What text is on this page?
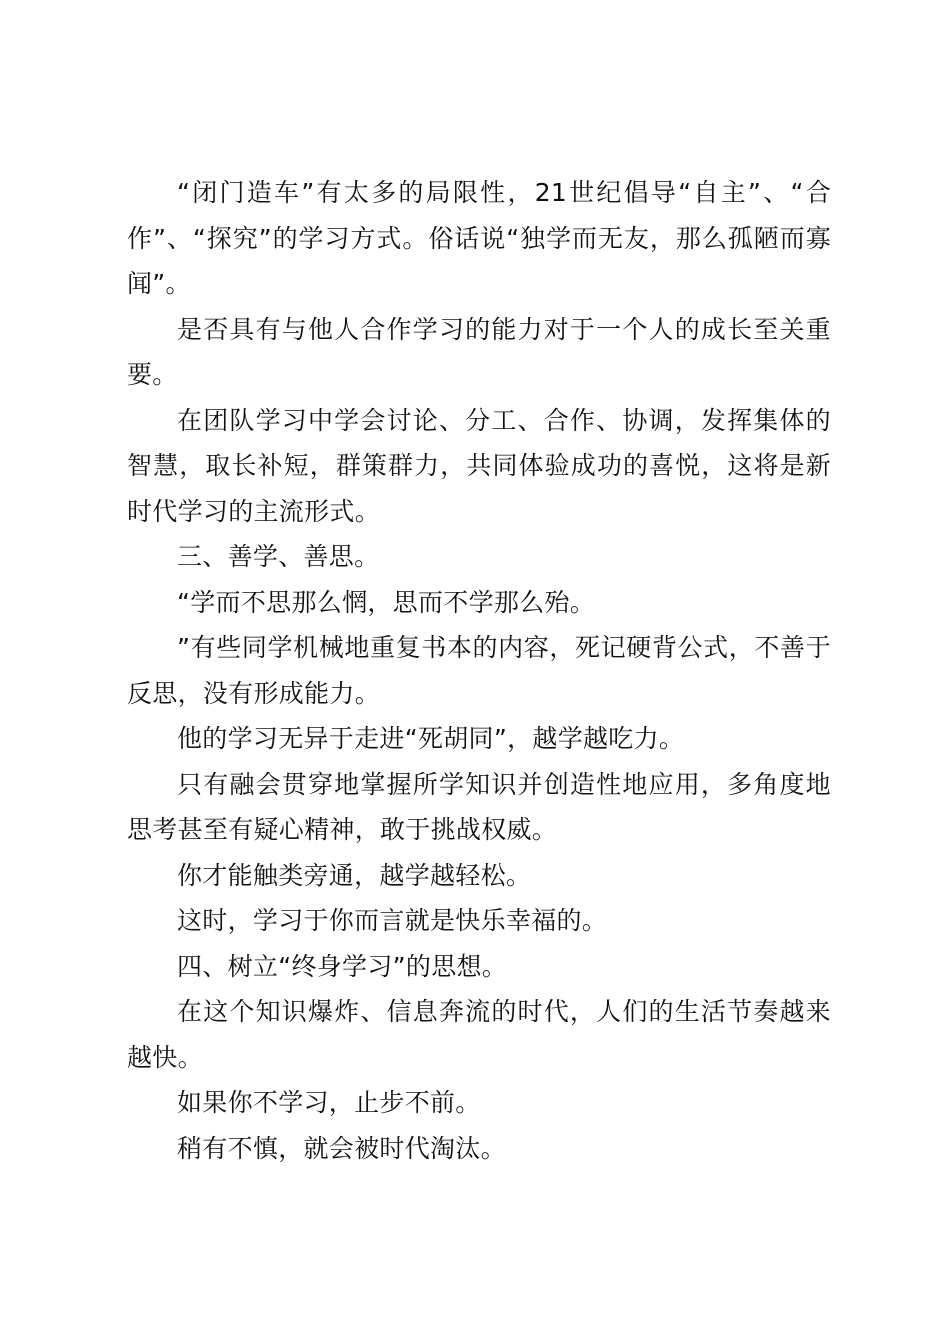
“闭门造车”有太多的局限性，21世纪倡导“自主”、“合作”、“探究”的学习方式。俗话说“独学而无友，那么孤陋而寡闻”。

是否具有与他人合作学习的能力对于一个人的成长至关重要。

在团队学习中学会讨论、分工、合作、协调，发挥集体的智慧，取长补短，群策群力，共同体验成功的喜悦，这将是新时代学习的主流形式。

三、善学、善思。

“学而不思那么惘，思而不学那么殆。

”有些同学机械地重复书本的内容，死记硬背公式，不善于反思，没有形成能力。

他的学习无异于走进“死胡同”，越学越吃力。

只有融会贯穿地掌握所学知识并创造性地应用，多角度地思考甚至有疑心精神，敢于挑战权威。

你才能触类旁通，越学越轻松。

这时，学习于你而言就是快乐幸福的。

四、树立“终身学习”的思想。

在这个知识爆炸、信息奔流的时代，人们的生活节奏越来越快。

如果你不学习，止步不前。

稍有不慎，就会被时代淘汰。
